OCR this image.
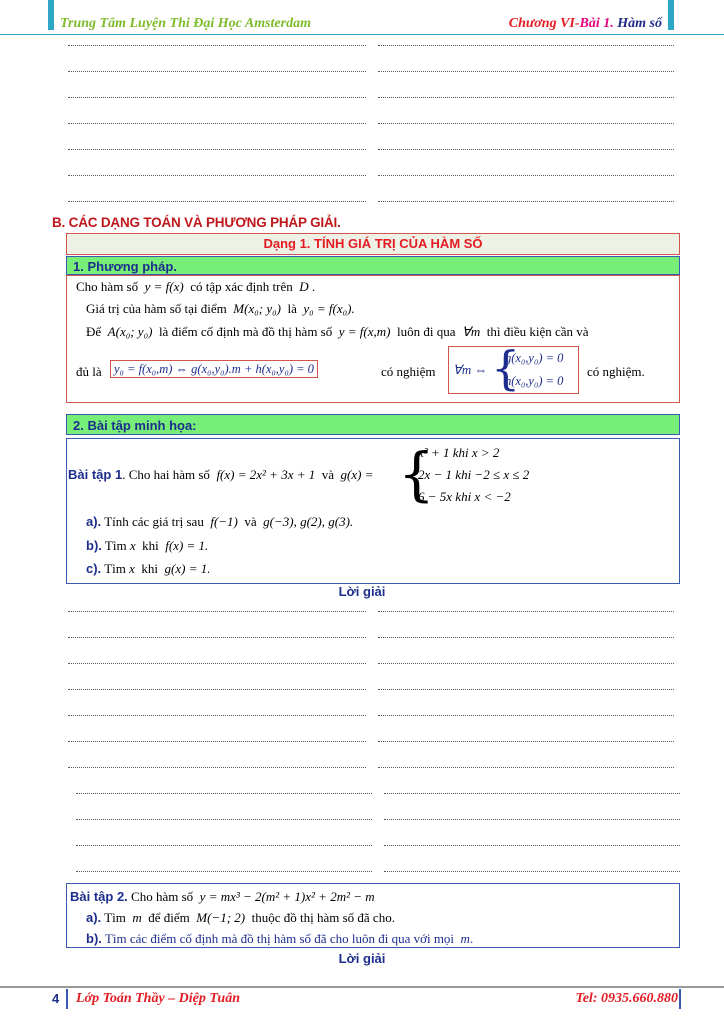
Trung Tâm Luyện Thi Đại Học Amsterdam	Chương VI-Bài 1. Hàm số
B. CÁC DẠNG TOÁN VÀ PHƯƠNG PHÁP GIẢI.
Dạng 1. TÍNH GIÁ TRỊ CỦA HÀM SỐ
1. Phương pháp.
Cho hàm số y = f(x) có tập xác định trên D .
Giá trị của hàm số tại điểm M(x₀; y₀) là y₀ = f(x₀).
Để A(x₀; y₀) là điểm cố định mà đồ thị hàm số y = f(x,m) luôn đi qua ∀m thì điều kiện cần và
đủ là y₀ = f(x₀,m) ⇔ g(x₀,y₀).m + h(x₀,y₀) = 0	có nghiệm ∀m ⇔ {
g(x₀,y₀) = 0
h(x₀,y₀) = 0
có nghiệm.
2. Bài tập minh họa:
Bài tập 1. Cho hai hàm số f(x) = 2x² + 3x + 1 và g(x) = {
x² + 1 khi x > 2
2x − 1 khi −2 ≤ x ≤ 2
6 − 5x khi x < −2
a). Tính các giá trị sau f(−1) và g(−3), g(2), g(3).
b). Tìm x khi f(x) = 1.
c). Tìm x khi g(x) = 1.
Lời giải
Bài tập 2. Cho hàm số y = mx³ − 2(m² + 1)x² + 2m² − m
a). Tìm m để điểm M(−1; 2) thuộc đồ thị hàm số đã cho.
b). Tìm các điểm cố định mà đồ thị hàm số đã cho luôn đi qua với mọi m.
Lời giải
4 Lớp Toán Thầy – Diệp Tuân	Tel: 0935.660.880
